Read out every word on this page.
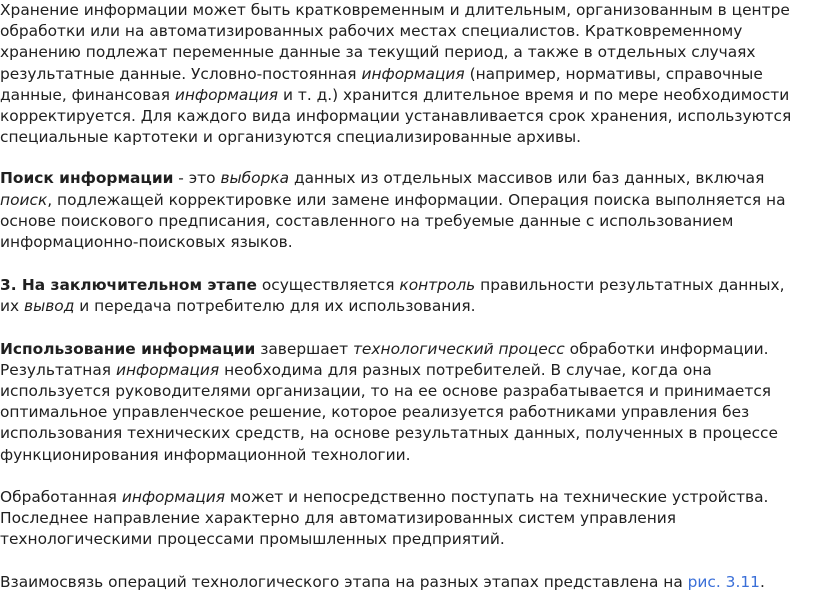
Хранение информации может быть кратковременным и длительным, организованным в центре обработки или на автоматизированных рабочих местах специалистов. Кратковременному хранению подлежат переменные данные за текущий период, а также в отдельных случаях результатные данные. Условно-постоянная информация (например, нормативы, справочные данные, финансовая информация и т. д.) хранится длительное время и по мере необходимости корректируется. Для каждого вида информации устанавливается срок хранения, используются специальные картотеки и организуются специализированные архивы.

Поиск информации - это выборка данных из отдельных массивов или баз данных, включая поиск, подлежащей корректировке или замене информации. Операция поиска выполняется на основе поискового предписания, составленного на требуемые данные с использованием информационно-поисковых языков.

3. На заключительном этапе осуществляется контроль правильности результатных данных, их вывод и передача потребителю для их использования.

Использование информации завершает технологический процесс обработки информации. Результатная информация необходима для разных потребителей. В случае, когда она используется руководителями организации, то на ее основе разрабатывается и принимается оптимальное управленческое решение, которое реализуется работниками управления без использования технических средств, на основе результатных данных, полученных в процессе функционирования информационной технологии.

Обработанная информация может и непосредственно поступать на технические устройства. Последнее направление характерно для автоматизированных систем управления технологическими процессами промышленных предприятий.

Взаимосвязь операций технологического этапа на разных этапах представлена на рис. 3.11.
